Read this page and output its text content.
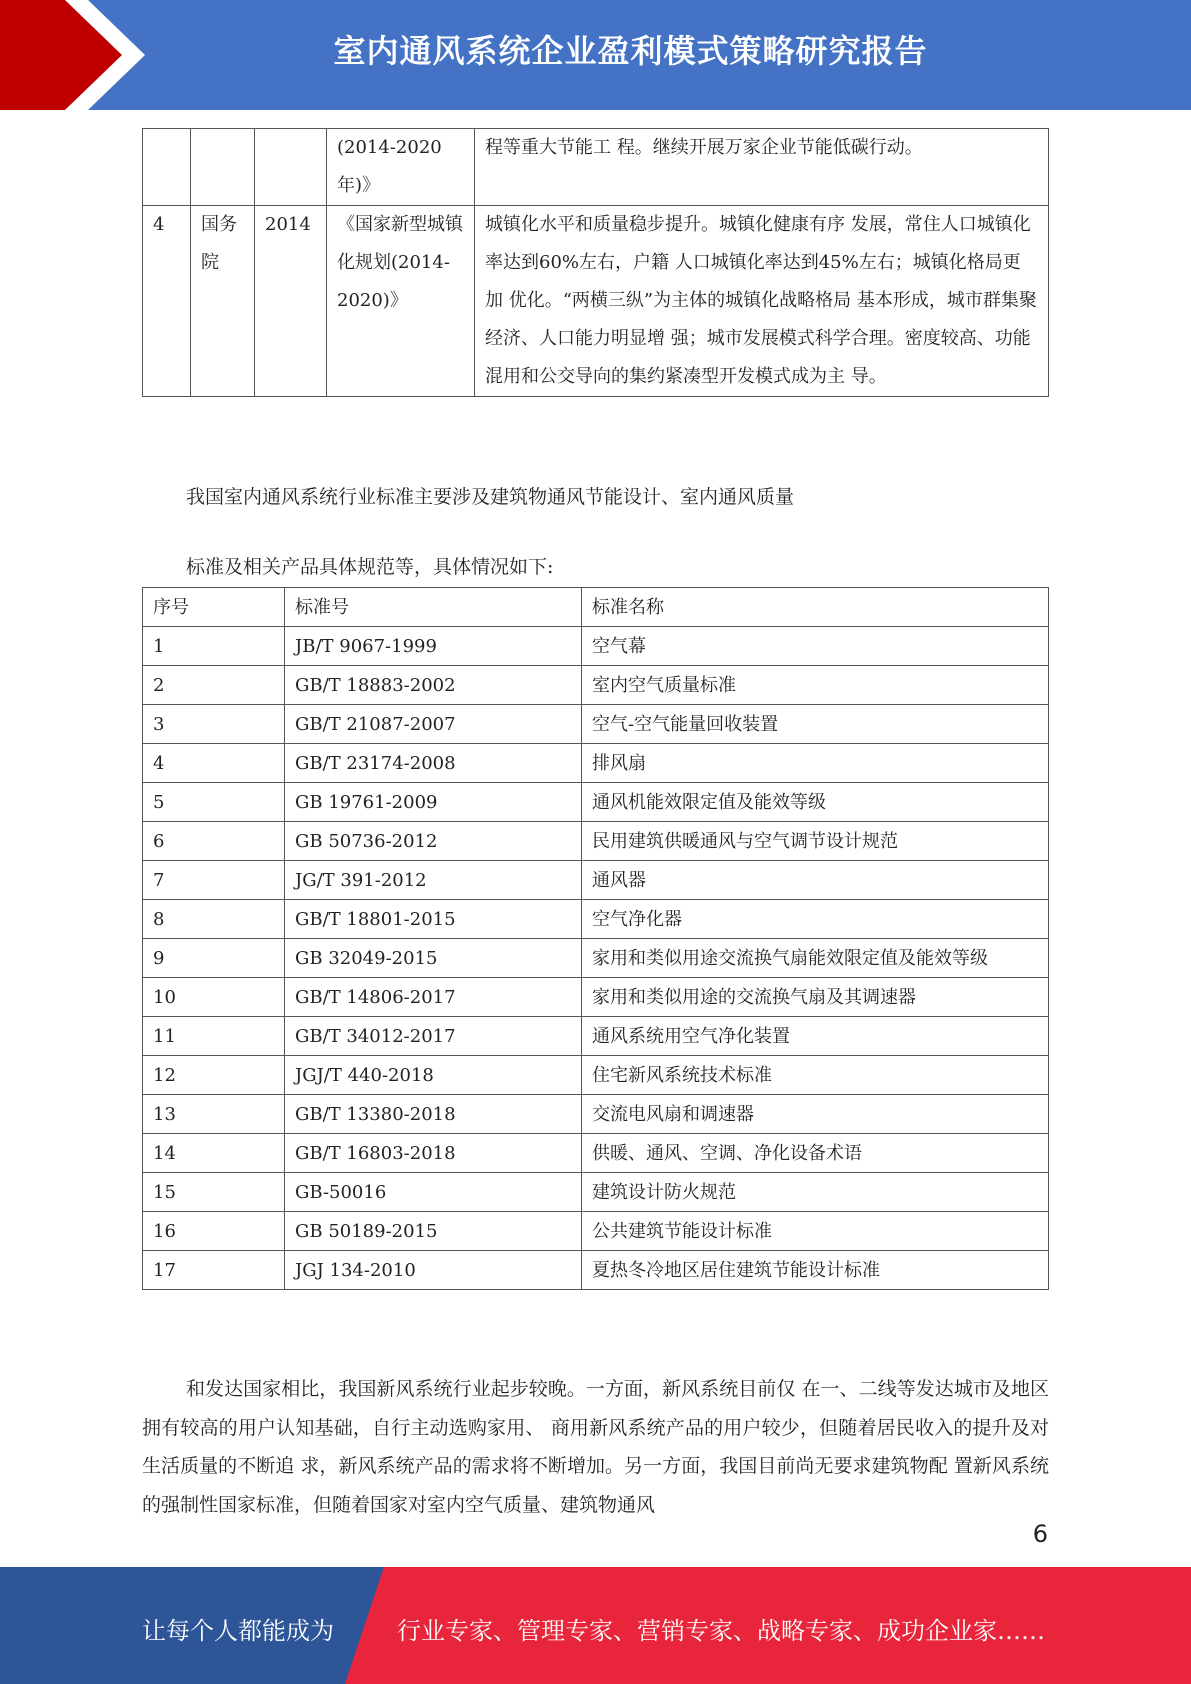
室内通风系统企业盈利模式策略研究报告
			(2014-2020年)》	程等重大节能工 程。继续开展万家企业节能低碳行动。
4	国务院	2014	《国家新型城镇化规划(2014-2020)》	城镇化水平和质量稳步提升。城镇化健康有序 发展，常住人口城镇化率达到60%左右，户籍 人口城镇化率达到45%左右；城镇化格局更加 优化。“两横三纵”为主体的城镇化战略格局 基本形成，城市群集聚经济、人口能力明显增 强；城市发展模式科学合理。密度较高、功能 混用和公交导向的集约紧凑型开发模式成为主 导。

我国室内通风系统行业标准主要涉及建筑物通风节能设计、室内通风质量

标准及相关产品具体规范等，具体情况如下:

序号	标准号	标准名称
1	JB/T 9067-1999	空气幕
2	GB/T 18883-2002	室内空气质量标准
3	GB/T 21087-2007	空气-空气能量回收装置
4	GB/T 23174-2008	排风扇
5	GB 19761-2009	通风机能效限定值及能效等级
6	GB 50736-2012	民用建筑供暖通风与空气调节设计规范
7	JG/T 391-2012	通风器
8	GB/T 18801-2015	空气净化器
9	GB 32049-2015	家用和类似用途交流换气扇能效限定值及能效等级
10	GB/T 14806-2017	家用和类似用途的交流换气扇及其调速器
11	GB/T 34012-2017	通风系统用空气净化装置
12	JGJ/T 440-2018	住宅新风系统技术标准
13	GB/T 13380-2018	交流电风扇和调速器
14	GB/T 16803-2018	供暖、通风、空调、净化设备术语
15	GB-50016	建筑设计防火规范
16	GB 50189-2015	公共建筑节能设计标准
17	JGJ 134-2010	夏热冬冷地区居住建筑节能设计标准

和发达国家相比，我国新风系统行业起步较晚。一方面，新风系统目前仅 在一、二线等发达城市及地区拥有较高的用户认知基础，自行主动选购家用、 商用新风系统产品的用户较少，但随着居民收入的提升及对生活质量的不断追 求，新风系统产品的需求将不断增加。另一方面，我国目前尚无要求建筑物配 置新风系统的强制性国家标准，但随着国家对室内空气质量、建筑物通风

6
让每个人都能成为	行业专家、管理专家、营销专家、战略专家、成功企业家……
